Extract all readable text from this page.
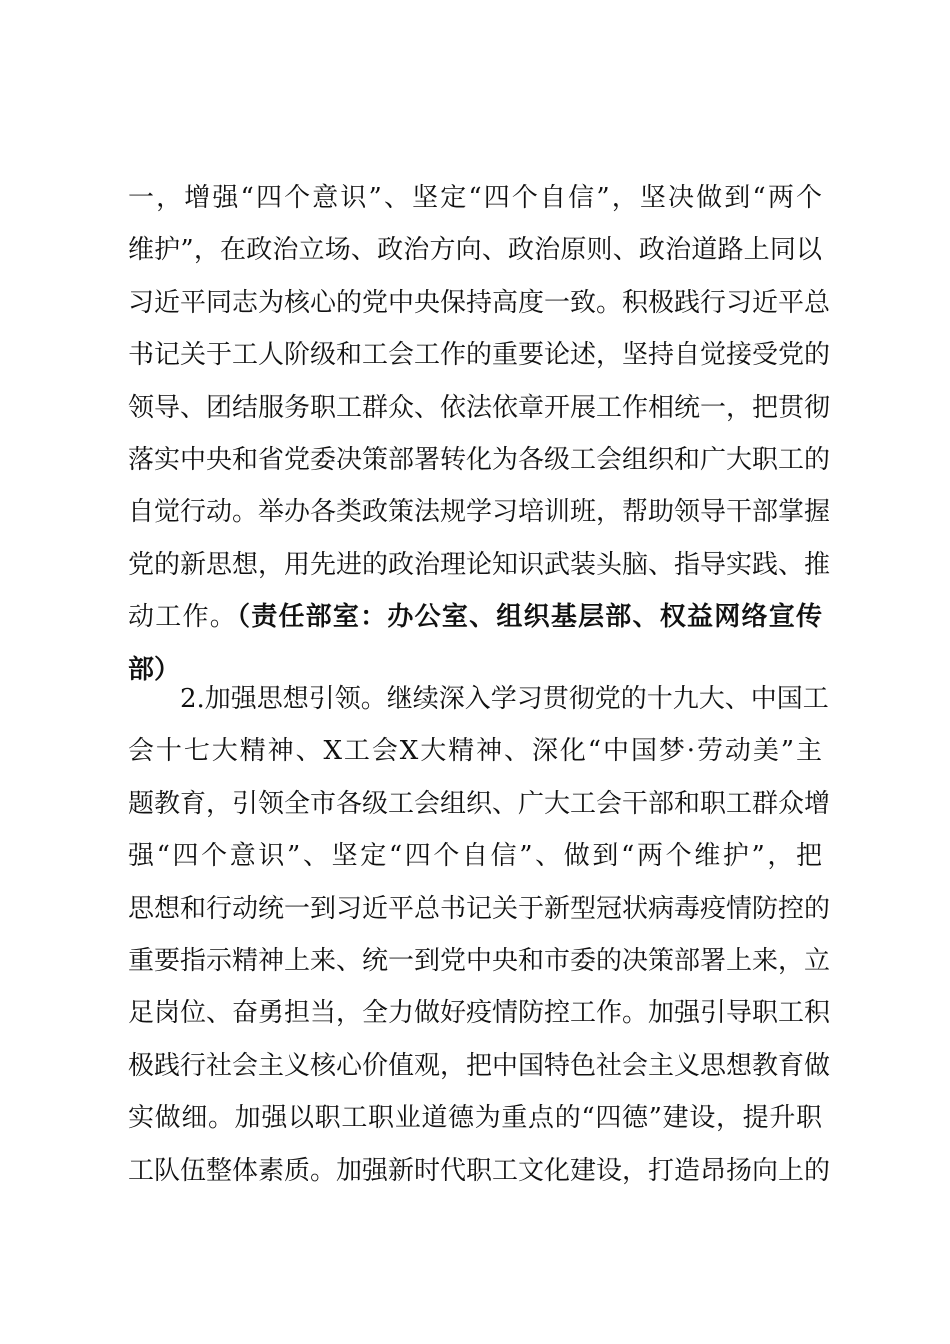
一，增强“四个意识”、坚定“四个自信”，坚决做到“两个
维护”，在政治立场、政治方向、政治原则、政治道路上同以
习近平同志为核心的党中央保持高度一致。积极践行习近平总
书记关于工人阶级和工会工作的重要论述，坚持自觉接受党的
领导、团结服务职工群众、依法依章开展工作相统一，把贯彻
落实中央和省党委决策部署转化为各级工会组织和广大职工的
自觉行动。举办各类政策法规学习培训班，帮助领导干部掌握
党的新思想，用先进的政治理论知识武装头脑、指导实践、推
动工作。（责任部室：办公室、组织基层部、权益网络宣传
部）
2.加强思想引领。继续深入学习贯彻党的十九大、中国工
会十七大精神、X工会X大精神、深化“中国梦·劳动美”主
题教育，引领全市各级工会组织、广大工会干部和职工群众增
强“四个意识”、坚定“四个自信”、做到“两个维护”，把
思想和行动统一到习近平总书记关于新型冠状病毒疫情防控的
重要指示精神上来、统一到党中央和市委的决策部署上来，立
足岗位、奋勇担当，全力做好疫情防控工作。加强引导职工积
极践行社会主义核心价值观，把中国特色社会主义思想教育做
实做细。加强以职工职业道德为重点的“四德”建设，提升职
工队伍整体素质。加强新时代职工文化建设，打造昂扬向上的
